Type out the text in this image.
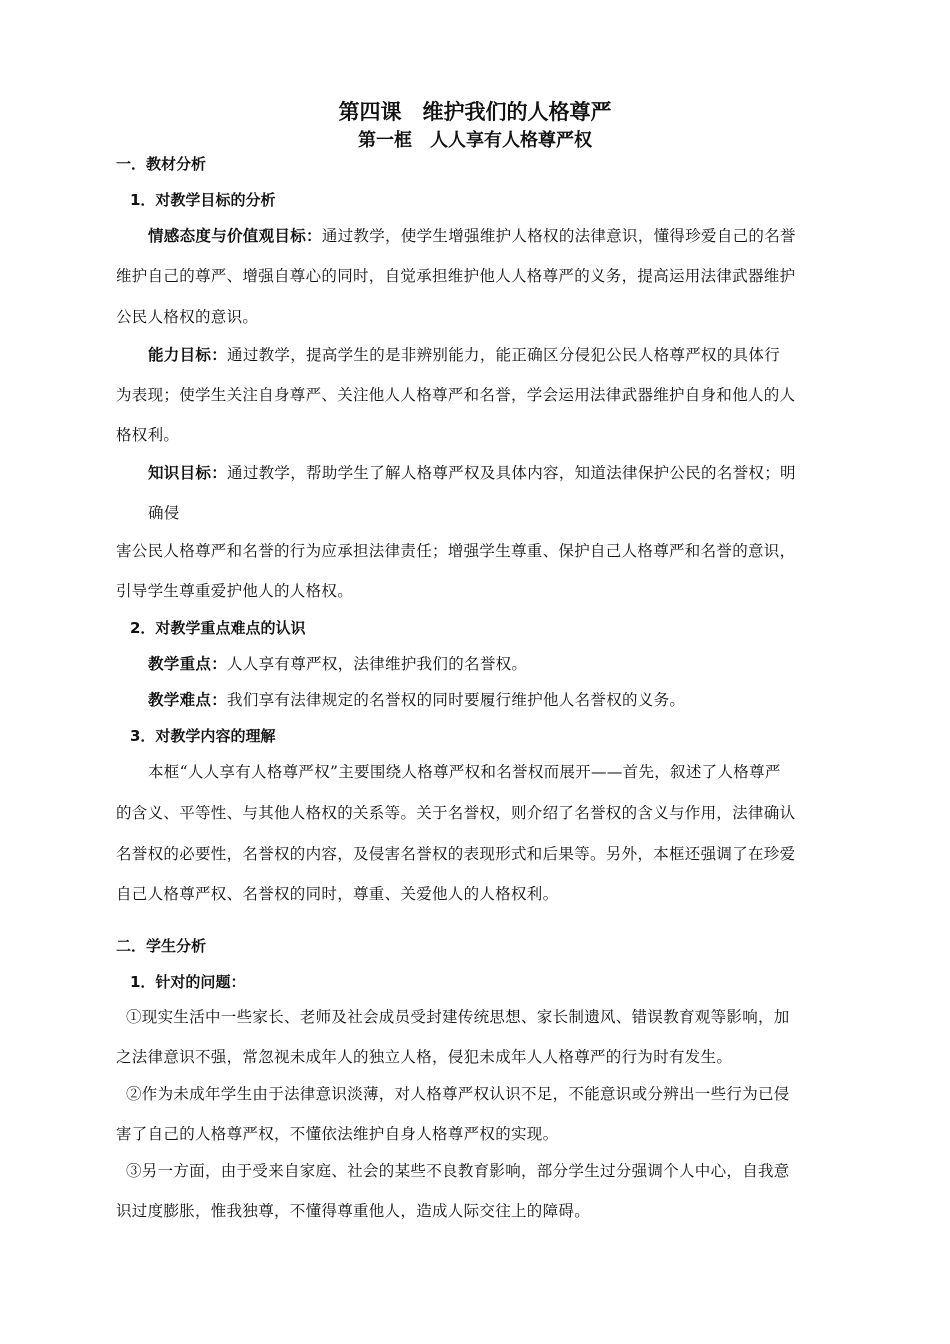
第四课　维护我们的人格尊严
第一框　人人享有人格尊严权
一．教材分析
1．对教学目标的分析
情感态度与价值观目标：通过教学，使学生增强维护人格权的法律意识，懂得珍爱自己的名誉
维护自己的尊严、增强自尊心的同时，自觉承担维护他人人格尊严的义务，提高运用法律武器维护
公民人格权的意识。
能力目标：通过教学，提高学生的是非辨别能力，能正确区分侵犯公民人格尊严权的具体行
为表现；使学生关注自身尊严、关注他人人格尊严和名誉，学会运用法律武器维护自身和他人的人
格权利。
知识目标：通过教学，帮助学生了解人格尊严权及具体内容，知道法律保护公民的名誉权；明
确侵
害公民人格尊严和名誉的行为应承担法律责任；增强学生尊重、保护自己人格尊严和名誉的意识，
引导学生尊重爱护他人的人格权。
2．对教学重点难点的认识
教学重点：人人享有尊严权，法律维护我们的名誉权。
教学难点：我们享有法律规定的名誉权的同时要履行维护他人名誉权的义务。
3．对教学内容的理解
本框“人人享有人格尊严权”主要围绕人格尊严权和名誉权而展开——首先，叙述了人格尊严
的含义、平等性、与其他人格权的关系等。关于名誉权，则介绍了名誉权的含义与作用，法律确认
名誉权的必要性，名誉权的内容，及侵害名誉权的表现形式和后果等。另外，本框还强调了在珍爱
自己人格尊严权、名誉权的同时，尊重、关爱他人的人格权利。
二．学生分析
1．针对的问题：
①现实生活中一些家长、老师及社会成员受封建传统思想、家长制遗风、错误教育观等影响，加
之法律意识不强，常忽视未成年人的独立人格，侵犯未成年人人格尊严的行为时有发生。
②作为未成年学生由于法律意识淡薄，对人格尊严权认识不足，不能意识或分辨出一些行为已侵
害了自己的人格尊严权，不懂依法维护自身人格尊严权的实现。
③另一方面，由于受来自家庭、社会的某些不良教育影响，部分学生过分强调个人中心，自我意
识过度膨胀，惟我独尊，不懂得尊重他人，造成人际交往上的障碍。
